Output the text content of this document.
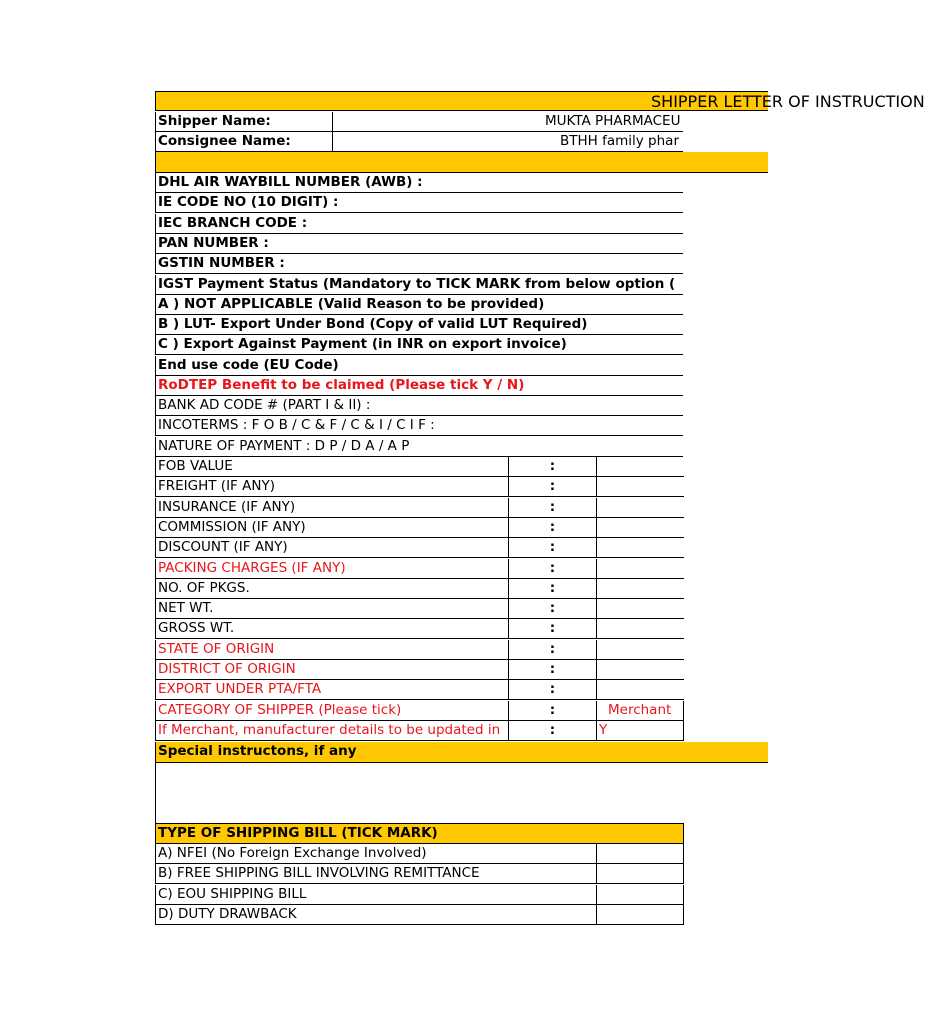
SHIPPER LETTER OF INSTRUCTION
Shipper Name:	MUKTA PHARMACEU
Consignee Name:	BTHH family phar
DHL AIR WAYBILL NUMBER (AWB) :
IE CODE NO (10 DIGIT) :
IEC BRANCH CODE :
PAN NUMBER :
GSTIN NUMBER :
IGST Payment Status (Mandatory to TICK MARK from below option (
A ) NOT APPLICABLE (Valid Reason to be provided)
B ) LUT- Export Under Bond (Copy of valid LUT Required)
C ) Export Against Payment (in INR on export invoice)
End use code (EU Code)
RoDTEP Benefit to be claimed (Please tick Y / N)
BANK AD CODE # (PART I & II) :
INCOTERMS : F O B / C & F / C & I / C I F :
NATURE OF PAYMENT : D P / D A / A P
FOB VALUE	:
FREIGHT (IF ANY)	:
INSURANCE (IF ANY)	:
COMMISSION (IF ANY)	:
DISCOUNT (IF ANY)	:
PACKING CHARGES (IF ANY)	:
NO. OF PKGS.	:
NET WT.	:
GROSS WT.	:
STATE OF ORIGIN	:
DISTRICT OF ORIGIN	:
EXPORT UNDER PTA/FTA	:
CATEGORY OF SHIPPER (Please tick)	:	Merchant
If Merchant, manufacturer details to be updated in	:	Y
Special instructons, if any
TYPE OF SHIPPING BILL (TICK MARK)
A) NFEI (No Foreign Exchange Involved)
B) FREE SHIPPING BILL INVOLVING REMITTANCE
C) EOU SHIPPING BILL
D) DUTY DRAWBACK
